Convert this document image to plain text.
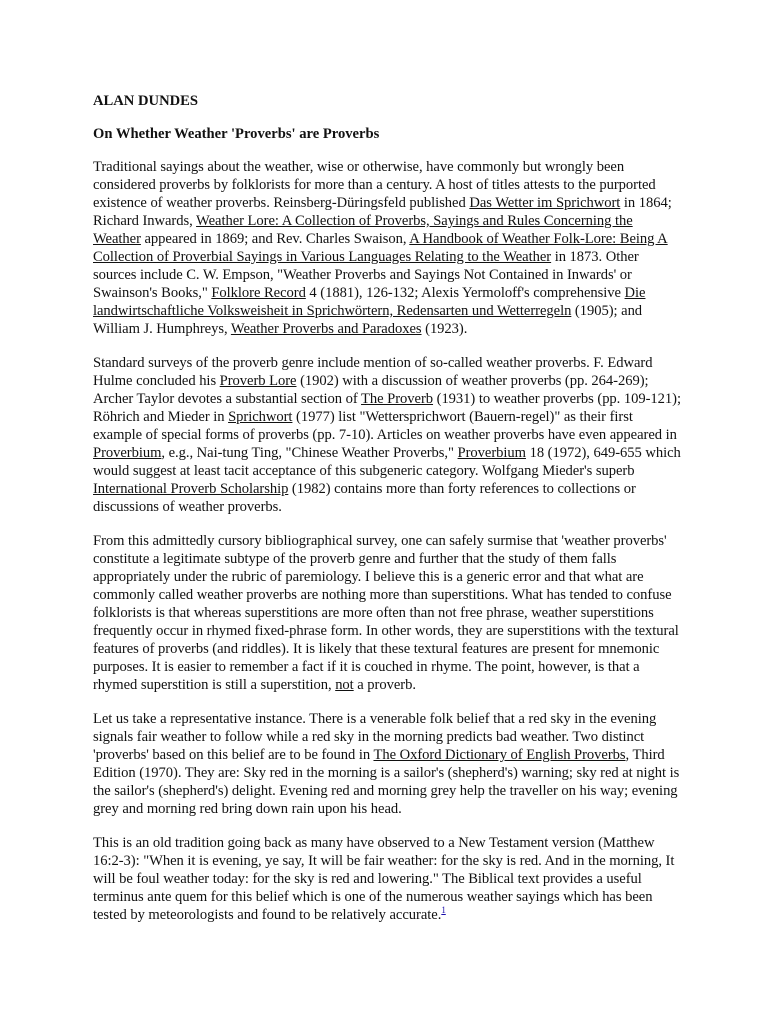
ALAN DUNDES

On Whether Weather 'Proverbs' are Proverbs

Traditional sayings about the weather, wise or otherwise, have commonly but wrongly been considered proverbs by folklorists for more than a century. A host of titles attests to the purported existence of weather proverbs. Reinsberg-Düringsfeld published Das Wetter im Sprichwort in 1864; Richard Inwards, Weather Lore: A Collection of Proverbs, Sayings and Rules Concerning the Weather appeared in 1869; and Rev. Charles Swaison, A Handbook of Weather Folk-Lore: Being A Collection of Proverbial Sayings in Various Languages Relating to the Weather in 1873. Other sources include C. W. Empson, "Weather Proverbs and Sayings Not Contained in Inwards' or Swainson's Books," Folklore Record 4 (1881), 126-132; Alexis Yermoloff's comprehensive Die landwirtschaftliche Volksweisheit in Sprichwörtern, Redensarten und Wetterregeln (1905); and William J. Humphreys, Weather Proverbs and Paradoxes (1923).

Standard surveys of the proverb genre include mention of so-called weather proverbs. F. Edward Hulme concluded his Proverb Lore (1902) with a discussion of weather proverbs (pp. 264-269); Archer Taylor devotes a substantial section of The Proverb (1931) to weather proverbs (pp. 109-121); Röhrich and Mieder in Sprichwort (1977) list "Wettersprichwort (Bauern-regel)" as their first example of special forms of proverbs (pp. 7-10). Articles on weather proverbs have even appeared in Proverbium, e.g., Nai-tung Ting, "Chinese Weather Proverbs," Proverbium 18 (1972), 649-655 which would suggest at least tacit acceptance of this subgeneric category. Wolfgang Mieder's superb International Proverb Scholarship (1982) contains more than forty references to collections or discussions of weather proverbs.

From this admittedly cursory bibliographical survey, one can safely surmise that 'weather proverbs' constitute a legitimate subtype of the proverb genre and further that the study of them falls appropriately under the rubric of paremiology. I believe this is a generic error and that what are commonly called weather proverbs are nothing more than superstitions. What has tended to confuse folklorists is that whereas superstitions are more often than not free phrase, weather superstitions frequently occur in rhymed fixed-phrase form. In other words, they are superstitions with the textural features of proverbs (and riddles). It is likely that these textural features are present for mnemonic purposes. It is easier to remember a fact if it is couched in rhyme. The point, however, is that a rhymed superstition is still a superstition, not a proverb.

Let us take a representative instance. There is a venerable folk belief that a red sky in the evening signals fair weather to follow while a red sky in the morning predicts bad weather. Two distinct 'proverbs' based on this belief are to be found in The Oxford Dictionary of English Proverbs, Third Edition (1970). They are: Sky red in the morning is a sailor's (shepherd's) warning; sky red at night is the sailor's (shepherd's) delight. Evening red and morning grey help the traveller on his way; evening grey and morning red bring down rain upon his head.

This is an old tradition going back as many have observed to a New Testament version (Matthew 16:2-3): "When it is evening, ye say, It will be fair weather: for the sky is red. And in the morning, It will be foul weather today: for the sky is red and lowering." The Biblical text provides a useful terminus ante quem for this belief which is one of the numerous weather sayings which has been tested by meteorologists and found to be relatively accurate.$^1$
